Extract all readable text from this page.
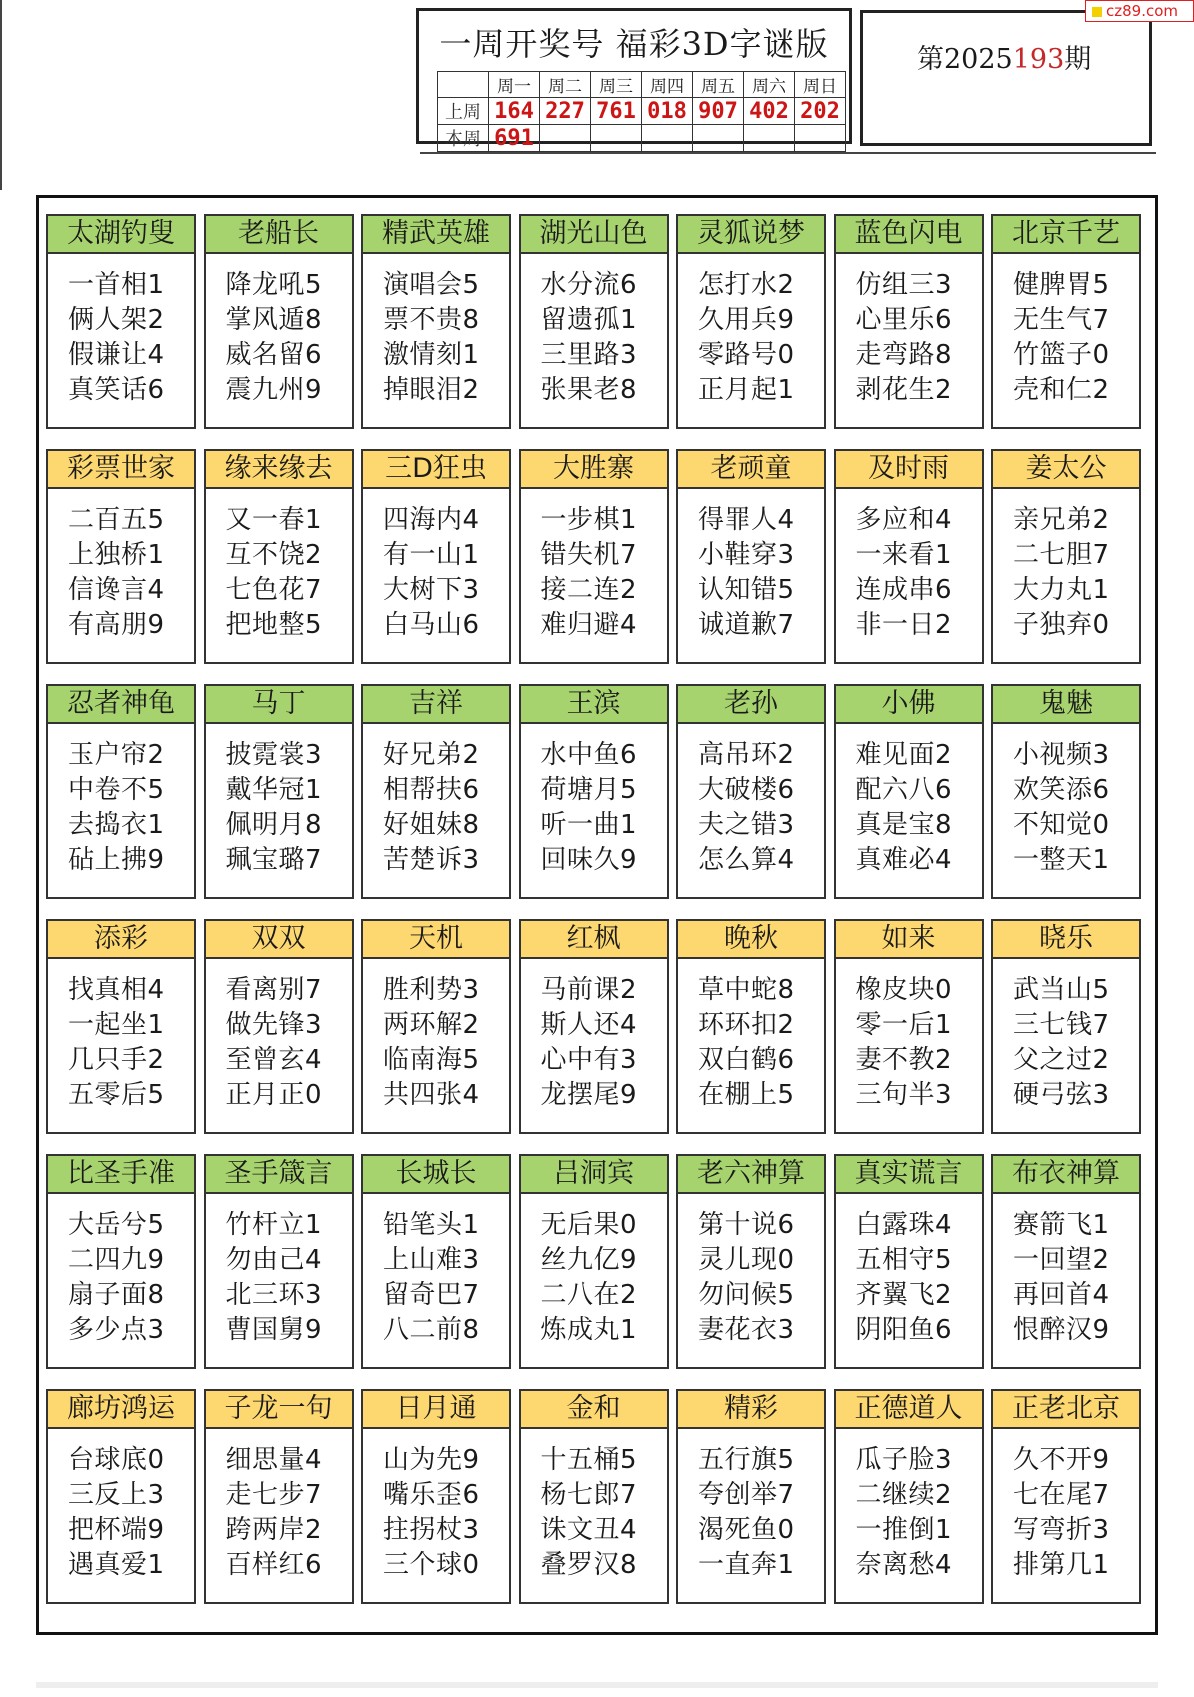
一周开奖号 福彩3D字谜版
	周一	周二	周三	周四	周五	周六	周日
上周	164	227	761	018	907	402	202
本周	691						
第2025193期
cz89.com
太湖钓叟
一首相1
俩人架2
假谦让4
真笑话6
老船长
降龙吼5
掌风遁8
威名留6
震九州9
精武英雄
演唱会5
票不贵8
激情刻1
掉眼泪2
湖光山色
水分流6
留遗孤1
三里路3
张果老8
灵狐说梦
怎打水2
久用兵9
零路号0
正月起1
蓝色闪电
仿组三3
心里乐6
走弯路8
剥花生2
北京千艺
健脾胃5
无生气7
竹篮子0
壳和仁2
彩票世家
二百五5
上独桥1
信谗言4
有高朋9
缘来缘去
又一春1
互不饶2
七色花7
把地整5
三D狂虫
四海内4
有一山1
大树下3
白马山6
大胜寨
一步棋1
错失机7
接二连2
难归避4
老顽童
得罪人4
小鞋穿3
认知错5
诚道歉7
及时雨
多应和4
一来看1
连成串6
非一日2
姜太公
亲兄弟2
二七胆7
大力丸1
子独弃0
忍者神龟
玉户帘2
中卷不5
去捣衣1
砧上拂9
马丁
披霓裳3
戴华冠1
佩明月8
珮宝璐7
吉祥
好兄弟2
相帮扶6
好姐妹8
苦楚诉3
王滨
水中鱼6
荷塘月5
听一曲1
回味久9
老孙
高吊环2
大破楼6
夫之错3
怎么算4
小佛
难见面2
配六八6
真是宝8
真难必4
鬼魅
小视频3
欢笑添6
不知觉0
一整天1
添彩
找真相4
一起坐1
几只手2
五零后5
双双
看离别7
做先锋3
至曾玄4
正月正0
天机
胜利势3
两环解2
临南海5
共四张4
红枫
马前课2
斯人还4
心中有3
龙摆尾9
晚秋
草中蛇8
环环扣2
双白鹤6
在棚上5
如来
橡皮块0
零一后1
妻不教2
三句半3
晓乐
武当山5
三七钱7
父之过2
硬弓弦3
比圣手准
大岳兮5
二四九9
扇子面8
多少点3
圣手箴言
竹杆立1
勿由己4
北三环3
曹国舅9
长城长
铅笔头1
上山难3
留奇巴7
八二前8
吕洞宾
无后果0
丝九亿9
二八在2
炼成丸1
老六神算
第十说6
灵儿现0
勿问候5
妻花衣3
真实谎言
白露珠4
五相守5
齐翼飞2
阴阳鱼6
布衣神算
赛箭飞1
一回望2
再回首4
恨醉汉9
廊坊鸿运
台球底0
三反上3
把杯端9
遇真爱1
子龙一句
细思量4
走七步7
跨两岸2
百样红6
日月通
山为先9
嘴乐歪6
拄拐杖3
三个球0
金和
十五桶5
杨七郎7
诛文丑4
叠罗汉8
精彩
五行旗5
夸创举7
渴死鱼0
一直奔1
正德道人
瓜子脸3
二继续2
一推倒1
奈离愁4
正老北京
久不开9
七在尾7
写弯折3
排第几1
